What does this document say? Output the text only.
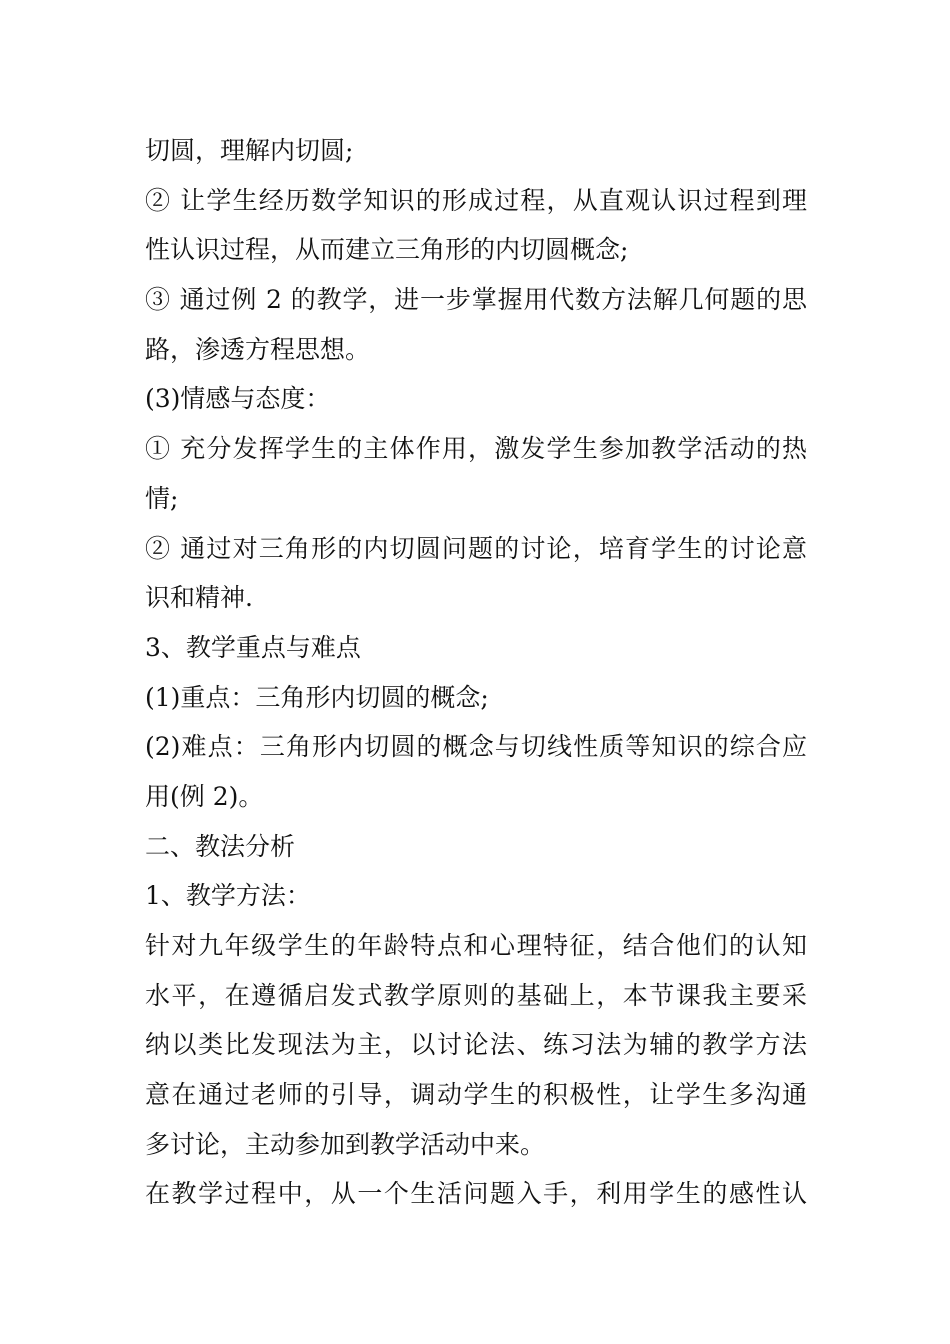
切圆，理解内切圆;
② 让学生经历数学知识的形成过程，从直观认识过程到理
性认识过程，从而建立三角形的内切圆概念;
③ 通过例 2 的教学，进一步掌握用代数方法解几何题的思
路，渗透方程思想。
(3)情感与态度：
① 充分发挥学生的主体作用，激发学生参加教学活动的热
情;
② 通过对三角形的内切圆问题的讨论，培育学生的讨论意
识和精神.
3、教学重点与难点
(1)重点：三角形内切圆的概念;
(2)难点：三角形内切圆的概念与切线性质等知识的综合应
用(例 2)。
二、教法分析
1、教学方法：
针对九年级学生的年龄特点和心理特征，结合他们的认知
水平，在遵循启发式教学原则的基础上，本节课我主要采
纳以类比发现法为主，以讨论法、练习法为辅的教学方法
意在通过老师的引导，调动学生的积极性，让学生多沟通
多讨论，主动参加到教学活动中来。
在教学过程中，从一个生活问题入手，利用学生的感性认
